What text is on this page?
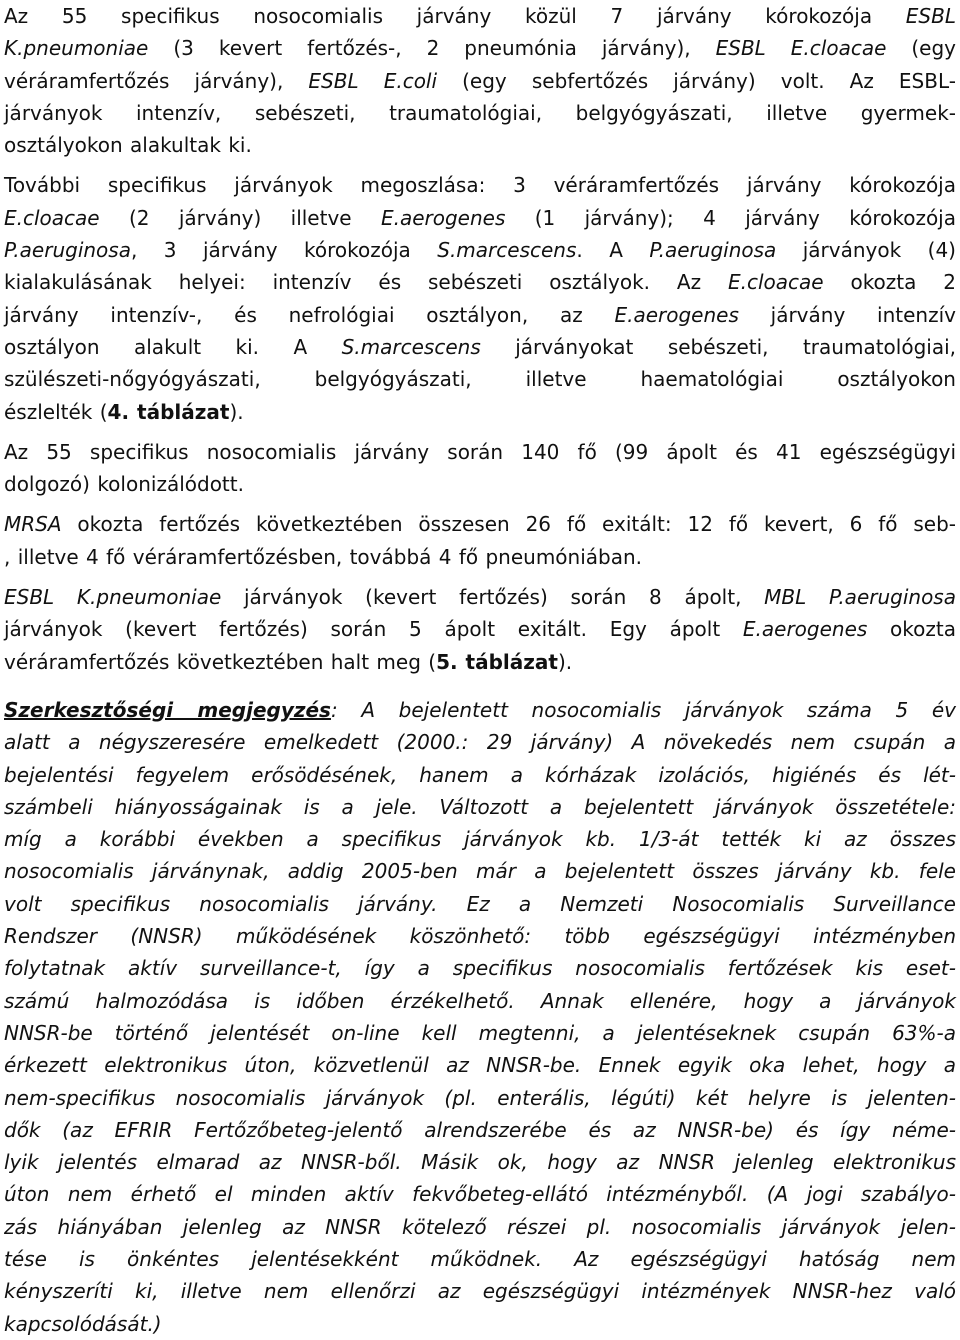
Az 55 specifikus nosocomialis járvány közül 7 járvány kórokozója ESBL
K.pneumoniae (3 kevert fertőzés-, 2 pneumónia járvány), ESBL E.cloacae (egy
véráramfertőzés járvány), ESBL E.coli (egy sebfertőzés járvány) volt. Az ESBL-
járványok intenzív, sebészeti, traumatológiai, belgyógyászati, illetve gyermek-
osztályokon alakultak ki.
További specifikus járványok megoszlása: 3 véráramfertőzés járvány kórokozója
E.cloacae (2 járvány) illetve E.aerogenes (1 járvány); 4 járvány kórokozója
P.aeruginosa, 3 járvány kórokozója S.marcescens. A P.aeruginosa járványok (4)
kialakulásának helyei: intenzív és sebészeti osztályok. Az E.cloacae okozta 2
járvány intenzív-, és nefrológiai osztályon, az E.aerogenes járvány intenzív
osztályon alakult ki. A S.marcescens járványokat sebészeti, traumatológiai,
szülészeti-nőgyógyászati, belgyógyászati, illetve haematológiai osztályokon
észlelték (4. táblázat).
Az 55 specifikus nosocomialis járvány során 140 fő (99 ápolt és 41 egészségügyi
dolgozó) kolonizálódott.
MRSA okozta fertőzés következtében összesen 26 fő exitált: 12 fő kevert, 6 fő seb-
, illetve 4 fő véráramfertőzésben, továbbá 4 fő pneumóniában.
ESBL K.pneumoniae járványok (kevert fertőzés) során 8 ápolt, MBL P.aeruginosa
járványok (kevert fertőzés) során 5 ápolt exitált. Egy ápolt E.aerogenes okozta
véráramfertőzés következtében halt meg (5. táblázat).
Szerkesztőségi megjegyzés: A bejelentett nosocomialis járványok száma 5 év
alatt a négyszeresére emelkedett (2000.: 29 járvány) A növekedés nem csupán a
bejelentési fegyelem erősödésének, hanem a kórházak izolációs, higiénés és lét-
számbeli hiányosságainak is a jele. Változott a bejelentett járványok összetétele:
míg a korábbi években a specifikus járványok kb. 1/3-át tették ki az összes
nosocomialis járványnak, addig 2005-ben már a bejelentett összes járvány kb. fele
volt specifikus nosocomialis járvány. Ez a Nemzeti Nosocomialis Surveillance
Rendszer (NNSR) működésének köszönhető: több egészségügyi intézményben
folytatnak aktív surveillance-t, így a specifikus nosocomialis fertőzések kis eset-
számú halmozódása is időben érzékelhető. Annak ellenére, hogy a járványok
NNSR-be történő jelentését on-line kell megtenni, a jelentéseknek csupán 63%-a
érkezett elektronikus úton, közvetlenül az NNSR-be. Ennek egyik oka lehet, hogy a
nem-specifikus nosocomialis járványok (pl. enterális, légúti) két helyre is jelenten-
dők (az EFRIR Fertőzőbeteg-jelentő alrendszerébe és az NNSR-be) és így néme-
lyik jelentés elmarad az NNSR-ből. Másik ok, hogy az NNSR jelenleg elektronikus
úton nem érhető el minden aktív fekvőbeteg-ellátó intézményből. (A jogi szabályo-
zás hiányában jelenleg az NNSR kötelező részei pl. nosocomialis járványok jelen-
tése is önkéntes jelentésekként működnek. Az egészségügyi hatóság nem
kényszeríti ki, illetve nem ellenőrzi az egészségügyi intézmények NNSR-hez való
kapcsolódását.)
